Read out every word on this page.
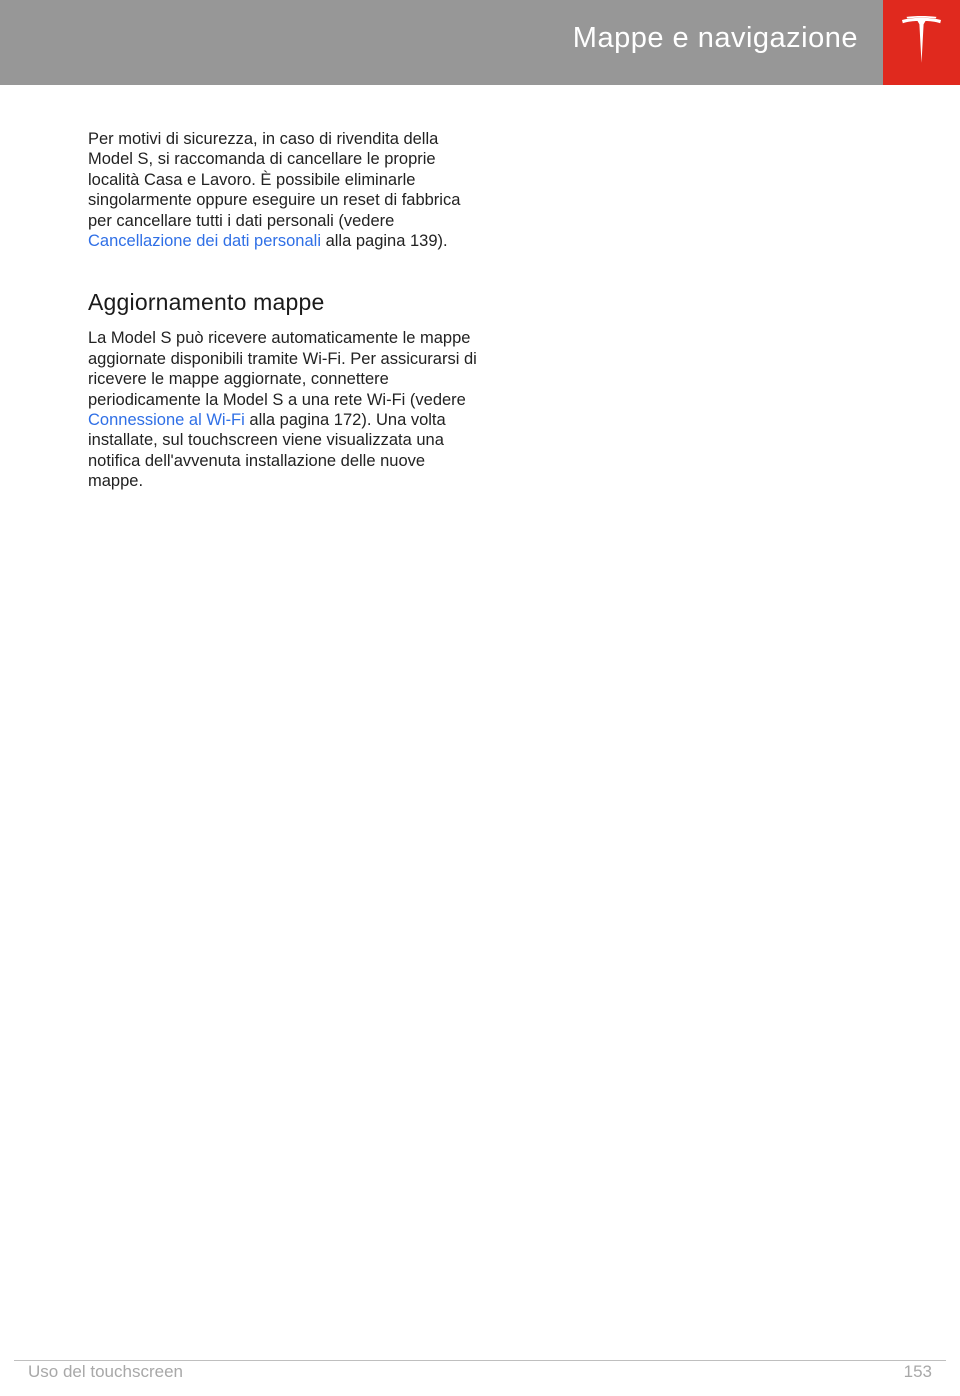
Mappe e navigazione

Per motivi di sicurezza, in caso di rivendita della Model S, si raccomanda di cancellare le proprie località Casa e Lavoro. È possibile eliminarle singolarmente oppure eseguire un reset di fabbrica per cancellare tutti i dati personali (vedere Cancellazione dei dati personali alla pagina 139).

Aggiornamento mappe

La Model S può ricevere automaticamente le mappe aggiornate disponibili tramite Wi-Fi. Per assicurarsi di ricevere le mappe aggiornate, connettere periodicamente la Model S a una rete Wi-Fi (vedere Connessione al Wi-Fi alla pagina 172). Una volta installate, sul touchscreen viene visualizzata una notifica dell'avvenuta installazione delle nuove mappe.

Uso del touchscreen	153
